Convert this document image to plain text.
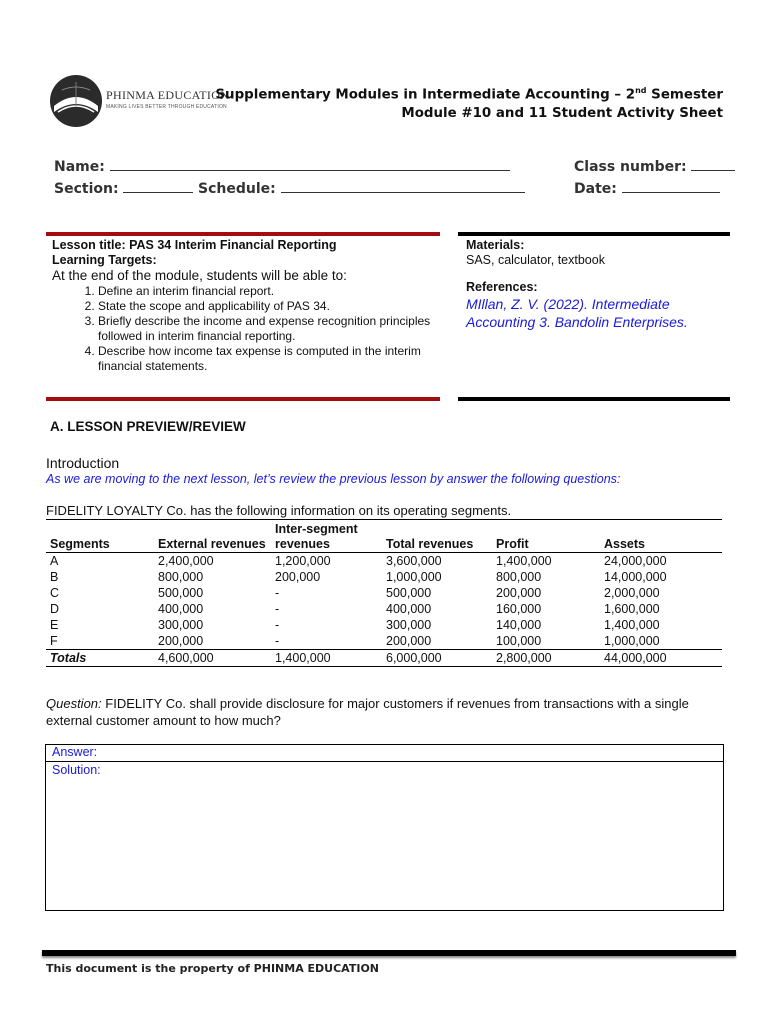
PHINMA EDUCATION
MAKING LIVES BETTER THROUGH EDUCATION
Supplementary Modules in Intermediate Accounting – 2nd Semester
Module #10 and 11 Student Activity Sheet
Name:	Class number:
Section:	Schedule:	Date:
Lesson title: PAS 34 Interim Financial Reporting
Learning Targets:
At the end of the module, students will be able to:
1. Define an interim financial report.
2. State the scope and applicability of PAS 34.
3. Briefly describe the income and expense recognition principles followed in interim financial reporting.
4. Describe how income tax expense is computed in the interim financial statements.
Materials:
SAS, calculator, textbook
References:
MIllan, Z. V. (2022). Intermediate Accounting 3. Bandolin Enterprises.
A. LESSON PREVIEW/REVIEW
Introduction
As we are moving to the next lesson, let’s review the previous lesson by answer the following questions:
FIDELITY LOYALTY Co. has the following information on its operating segments.
Segments	External revenues	Inter-segment revenues	Total revenues	Profit	Assets
A	2,400,000	1,200,000	3,600,000	1,400,000	24,000,000
B	800,000	200,000	1,000,000	800,000	14,000,000
C	500,000	-	500,000	200,000	2,000,000
D	400,000	-	400,000	160,000	1,600,000
E	300,000	-	300,000	140,000	1,400,000
F	200,000	-	200,000	100,000	1,000,000
Totals	4,600,000	1,400,000	6,000,000	2,800,000	44,000,000
Question: FIDELITY Co. shall provide disclosure for major customers if revenues from transactions with a single external customer amount to how much?
Answer:
Solution:
This document is the property of PHINMA EDUCATION
